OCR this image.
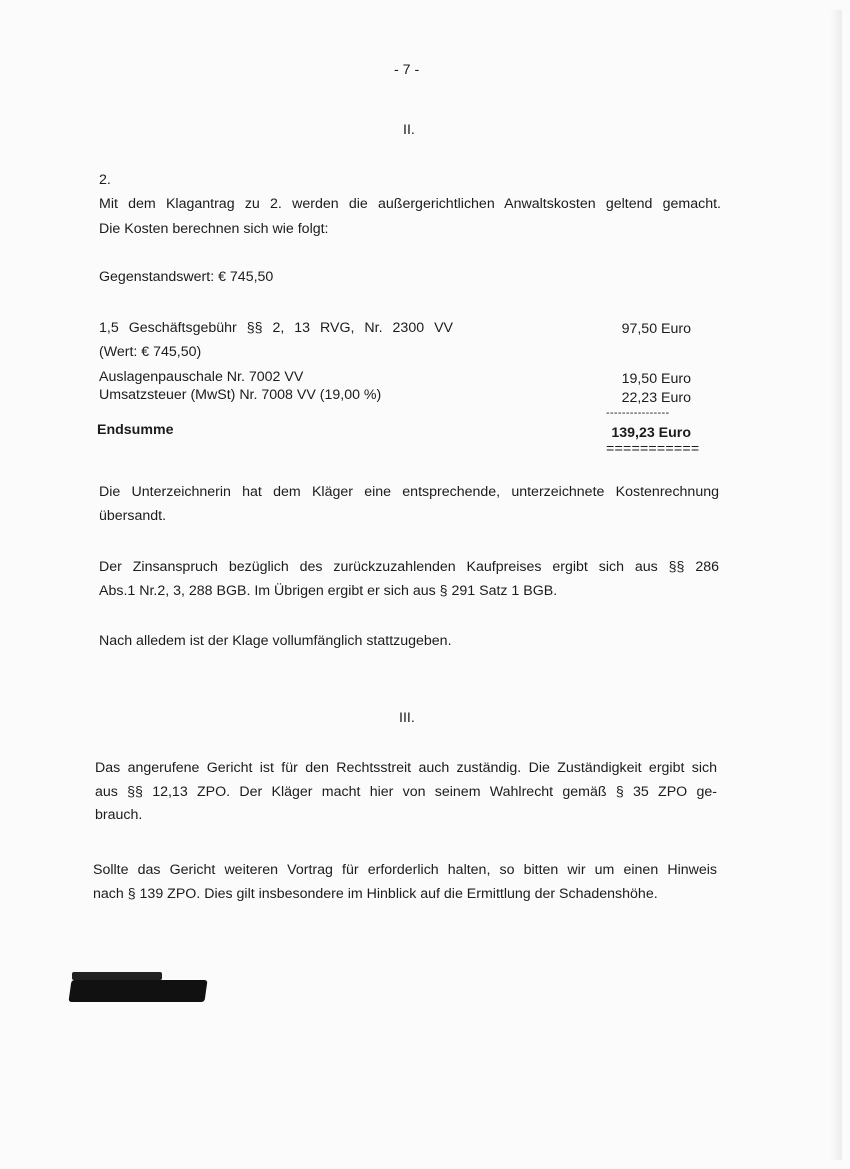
- 7 -
II.
2.
Mit dem Klagantrag zu 2. werden die außergerichtlichen Anwaltskosten geltend gemacht.
Die Kosten berechnen sich wie folgt:
Gegenstandswert: € 745,50
1,5 Geschäftsgebühr §§ 2, 13 RVG, Nr. 2300 VV	97,50 Euro
(Wert: € 745,50)
Auslagenpauschale Nr. 7002 VV	19,50 Euro
Umsatzsteuer (MwSt) Nr. 7008 VV (19,00 %)	22,23 Euro
----------------
Endsumme	139,23 Euro
===========
Die Unterzeichnerin hat dem Kläger eine entsprechende, unterzeichnete Kostenrechnung
übersandt.
Der Zinsanspruch bezüglich des zurückzuzahlenden Kaufpreises ergibt sich aus §§ 286
Abs.1 Nr.2, 3, 288 BGB. Im Übrigen ergibt er sich aus § 291 Satz 1 BGB.
Nach alledem ist der Klage vollumfänglich stattzugeben.
III.
Das angerufene Gericht ist für den Rechtsstreit auch zuständig. Die Zuständigkeit ergibt sich
aus §§ 12,13 ZPO. Der Kläger macht hier von seinem Wahlrecht gemäß § 35 ZPO ge-
brauch.
Sollte das Gericht weiteren Vortrag für erforderlich halten, so bitten wir um einen Hinweis
nach § 139 ZPO. Dies gilt insbesondere im Hinblick auf die Ermittlung der Schadenshöhe.
